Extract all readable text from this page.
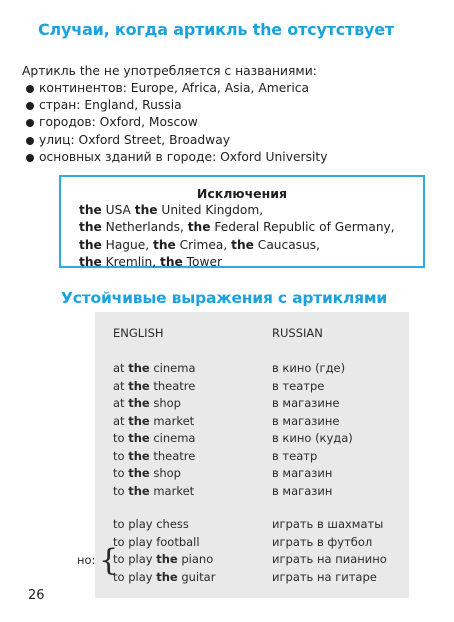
Случаи, когда артикль the отсутствует
Артикль the не употребляется с названиями:
континентов: Europe, Africa, Asia, America
стран: England, Russia
городов: Oxford, Moscow
улиц: Oxford Street, Broadway
основных зданий в городе: Oxford University
Исключения
the USA the United Kingdom,
the Netherlands, the Federal Republic of Germany,
the Hague, the Crimea, the Caucasus,
the Kremlin, the Tower
Устойчивые выражения с артиклями
ENGLISH	RUSSIAN
at the cinema	в кино (где)
at the theatre	в театре
at the shop	в магазине
at the market	в магазине
to the cinema	в кино (куда)
to the theatre	в театр
to the shop	в магазин
to the market	в магазин
to play chess	играть в шахматы
to play football	играть в футбол
to play the piano	играть на пианино
to play the guitar	играть на гитаре
но: {
26
